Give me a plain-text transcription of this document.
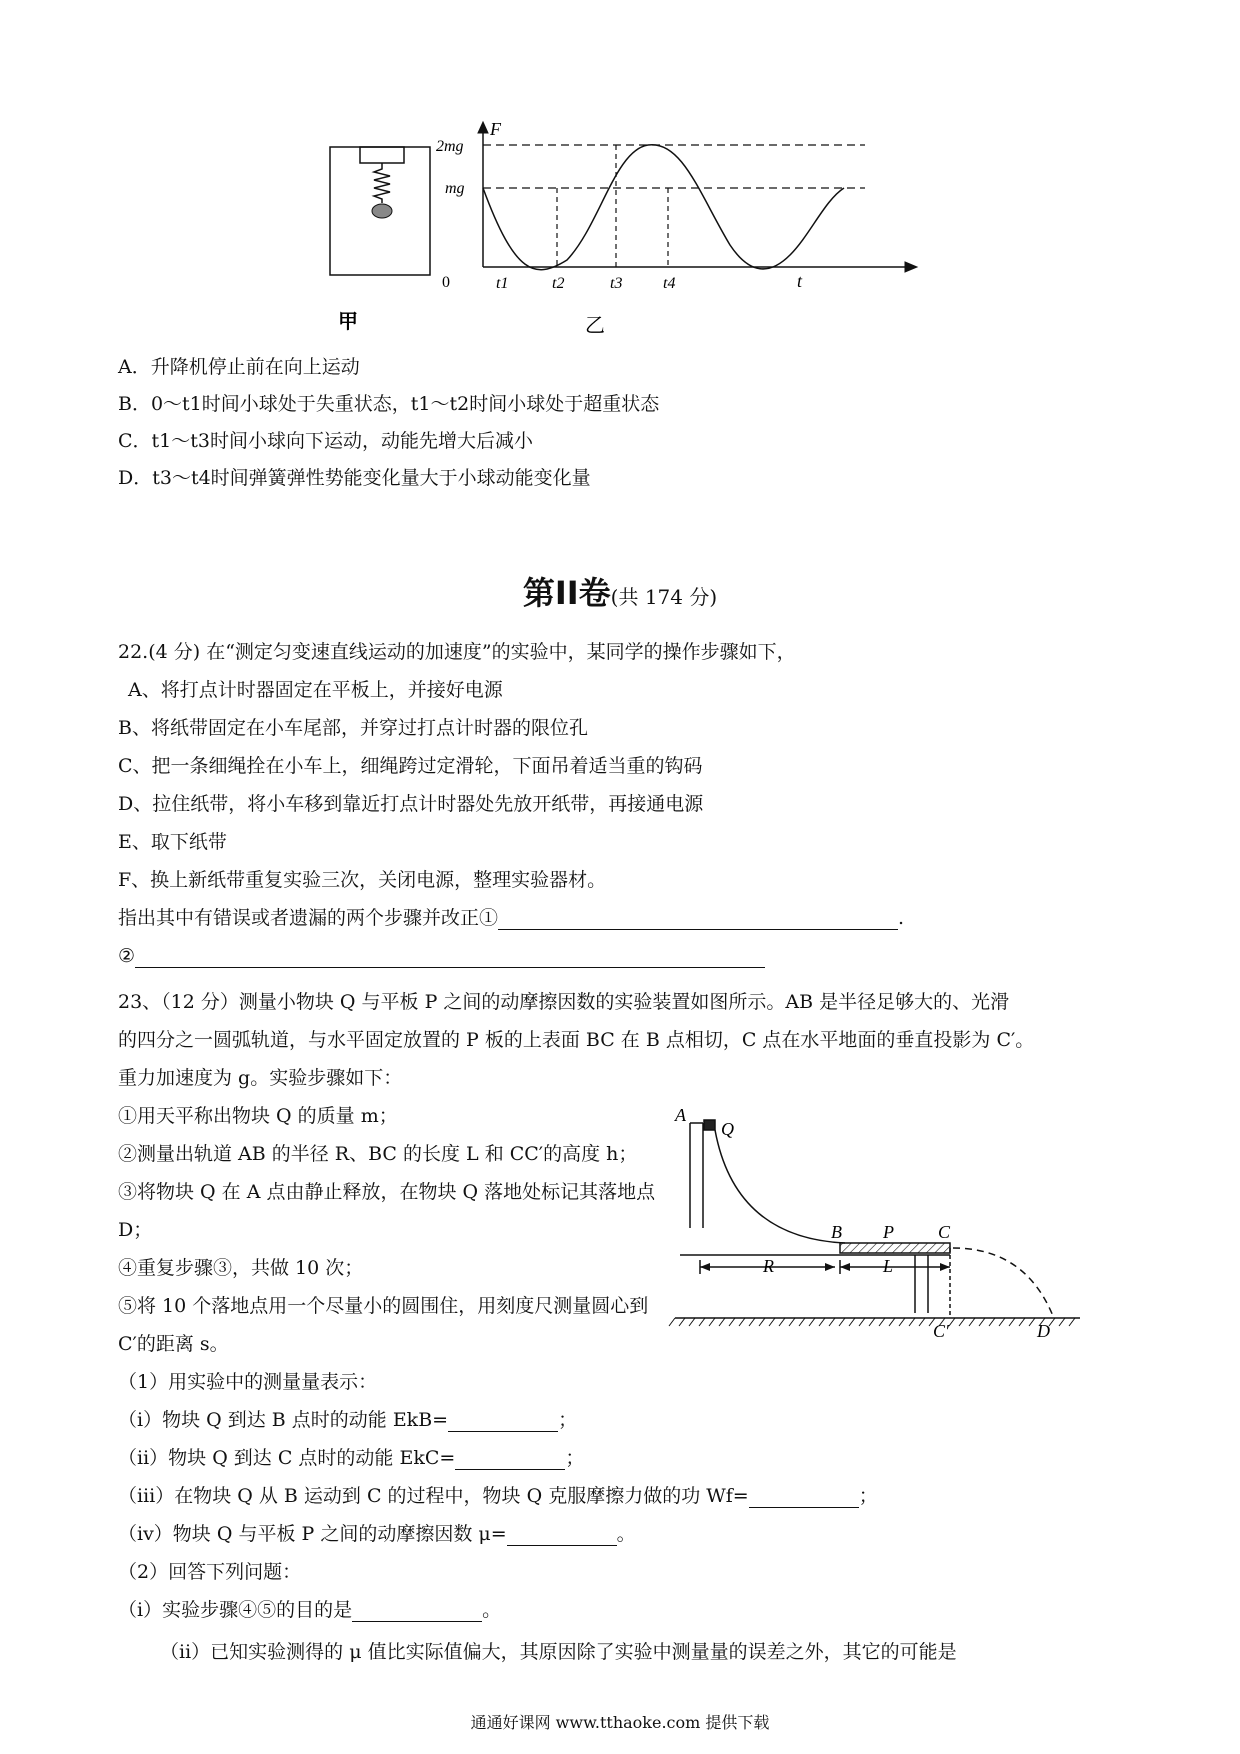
F
t
2mg
mg
0	t1	t2	t3	t4
甲	乙
A．升降机停止前在向上运动
B．0～t1时间小球处于失重状态，t1～t2时间小球处于超重状态
C．t1～t3时间小球向下运动，动能先增大后减小
D．t3～t4时间弹簧弹性势能变化量大于小球动能变化量
第II卷(共 174 分)
22.(4 分) 在“测定匀变速直线运动的加速度”的实验中，某同学的操作步骤如下，
A、将打点计时器固定在平板上，并接好电源
B、将纸带固定在小车尾部，并穿过打点计时器的限位孔
C、把一条细绳拴在小车上，细绳跨过定滑轮，下面吊着适当重的钩码
D、拉住纸带，将小车移到靠近打点计时器处先放开纸带，再接通电源
E、取下纸带
F、换上新纸带重复实验三次，关闭电源，整理实验器材。
指出其中有错误或者遗漏的两个步骤并改正①	.
②
23、（12 分）测量小物块 Q 与平板 P 之间的动摩擦因数的实验装置如图所示。AB 是半径足够大的、光滑
的四分之一圆弧轨道，与水平固定放置的 P 板的上表面 BC 在 B 点相切，C 点在水平地面的垂直投影为 C′。
重力加速度为 g。实验步骤如下：
①用天平称出物块 Q 的质量 m；
②测量出轨道 AB 的半径 R、BC 的长度 L 和 CC′的高度 h；
③将物块 Q 在 A 点由静止释放，在物块 Q 落地处标记其落地点
D；
④重复步骤③，共做 10 次；
⑤将 10 个落地点用一个尽量小的圆围住，用刻度尺测量圆心到
C′的距离 s。
A
Q
B P C
R	L
C′	D
（1）用实验中的测量量表示：
（ⅰ）物块 Q 到达 B 点时的动能 EkB=	；
（ⅱ）物块 Q 到达 C 点时的动能 EkC=	；
（ⅲ）在物块 Q 从 B 运动到 C 的过程中，物块 Q 克服摩擦力做的功 Wf=	；
（ⅳ）物块 Q 与平板 P 之间的动摩擦因数 μ=	。
（2）回答下列问题：
（ⅰ）实验步骤④⑤的目的是	。
（ⅱ）已知实验测得的 μ 值比实际值偏大，其原因除了实验中测量量的误差之外，其它的可能是
通通好课网 www.tthaoke.com 提供下载
